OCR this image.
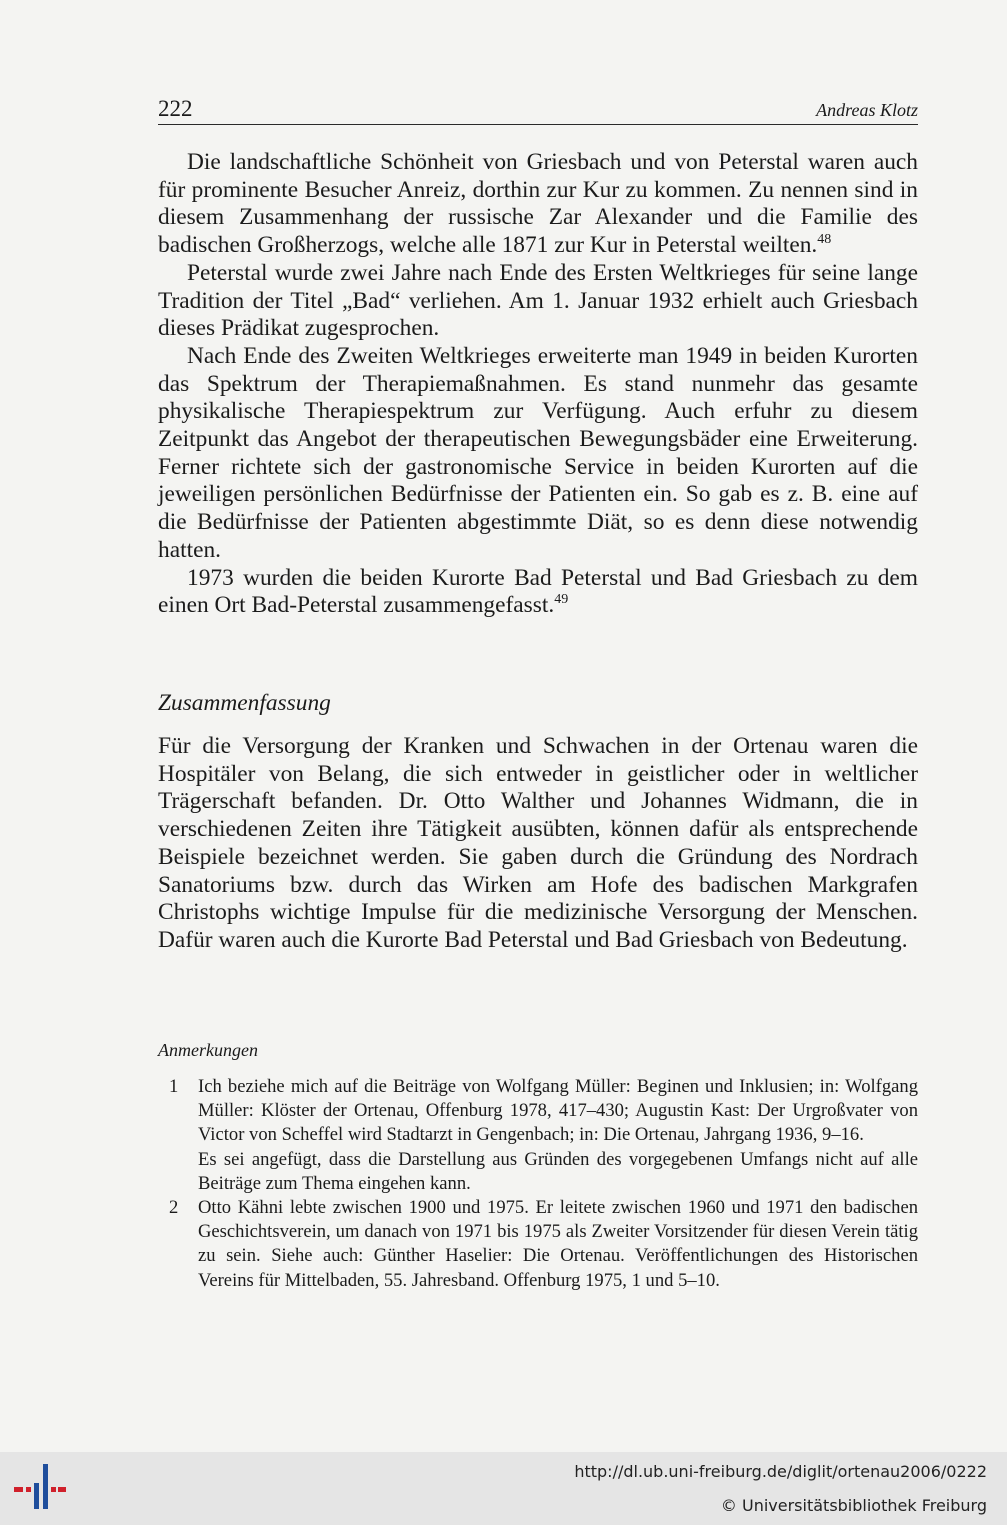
222	Andreas Klotz

Die landschaftliche Schönheit von Griesbach und von Peterstal waren auch für prominente Besucher Anreiz, dorthin zur Kur zu kommen. Zu nennen sind in diesem Zusammenhang der russische Zar Alexander und die Familie des badischen Großherzogs, welche alle 1871 zur Kur in Peterstal weilten.$^{48}$

Peterstal wurde zwei Jahre nach Ende des Ersten Weltkrieges für seine lange Tradition der Titel „Bad“ verliehen. Am 1. Januar 1932 erhielt auch Griesbach dieses Prädikat zugesprochen.

Nach Ende des Zweiten Weltkrieges erweiterte man 1949 in beiden Kurorten das Spektrum der Therapiemaßnahmen. Es stand nunmehr das gesamte physikalische Therapiespektrum zur Verfügung. Auch erfuhr zu diesem Zeitpunkt das Angebot der therapeutischen Bewegungsbäder eine Erweiterung. Ferner richtete sich der gastronomische Service in beiden Kurorten auf die jeweiligen persönlichen Bedürfnisse der Patienten ein. So gab es z. B. eine auf die Bedürfnisse der Patienten abgestimmte Diät, so es denn diese notwendig hatten.

1973 wurden die beiden Kurorte Bad Peterstal und Bad Griesbach zu dem einen Ort Bad-Peterstal zusammengefasst.$^{49}$

Zusammenfassung

Für die Versorgung der Kranken und Schwachen in der Ortenau waren die Hospitäler von Belang, die sich entweder in geistlicher oder in weltlicher Trägerschaft befanden. Dr. Otto Walther und Johannes Widmann, die in verschiedenen Zeiten ihre Tätigkeit ausübten, können dafür als entsprechende Beispiele bezeichnet werden. Sie gaben durch die Gründung des Nordrach Sanatoriums bzw. durch das Wirken am Hofe des badischen Markgrafen Christophs wichtige Impulse für die medizinische Versorgung der Menschen. Dafür waren auch die Kurorte Bad Peterstal und Bad Griesbach von Bedeutung.

Anmerkungen
1 Ich beziehe mich auf die Beiträge von Wolfgang Müller: Beginen und Inklusien; in: Wolfgang Müller: Klöster der Ortenau, Offenburg 1978, 417–430; Augustin Kast: Der Urgroßvater von Victor von Scheffel wird Stadtarzt in Gengenbach; in: Die Ortenau, Jahrgang 1936, 9–16.

Es sei angefügt, dass die Darstellung aus Gründen des vorgegebenen Umfangs nicht auf alle Beiträge zum Thema eingehen kann.

2 Otto Kähni lebte zwischen 1900 und 1975. Er leitete zwischen 1960 und 1971 den badischen Geschichtsverein, um danach von 1971 bis 1975 als Zweiter Vorsitzender für diesen Verein tätig zu sein. Siehe auch: Günther Haselier: Die Ortenau. Veröffentlichungen des Historischen Vereins für Mittelbaden, 55. Jahresband. Offenburg 1975, 1 und 5–10.

http://dl.ub.uni-freiburg.de/diglit/ortenau2006/0222
© Universitätsbibliothek Freiburg
